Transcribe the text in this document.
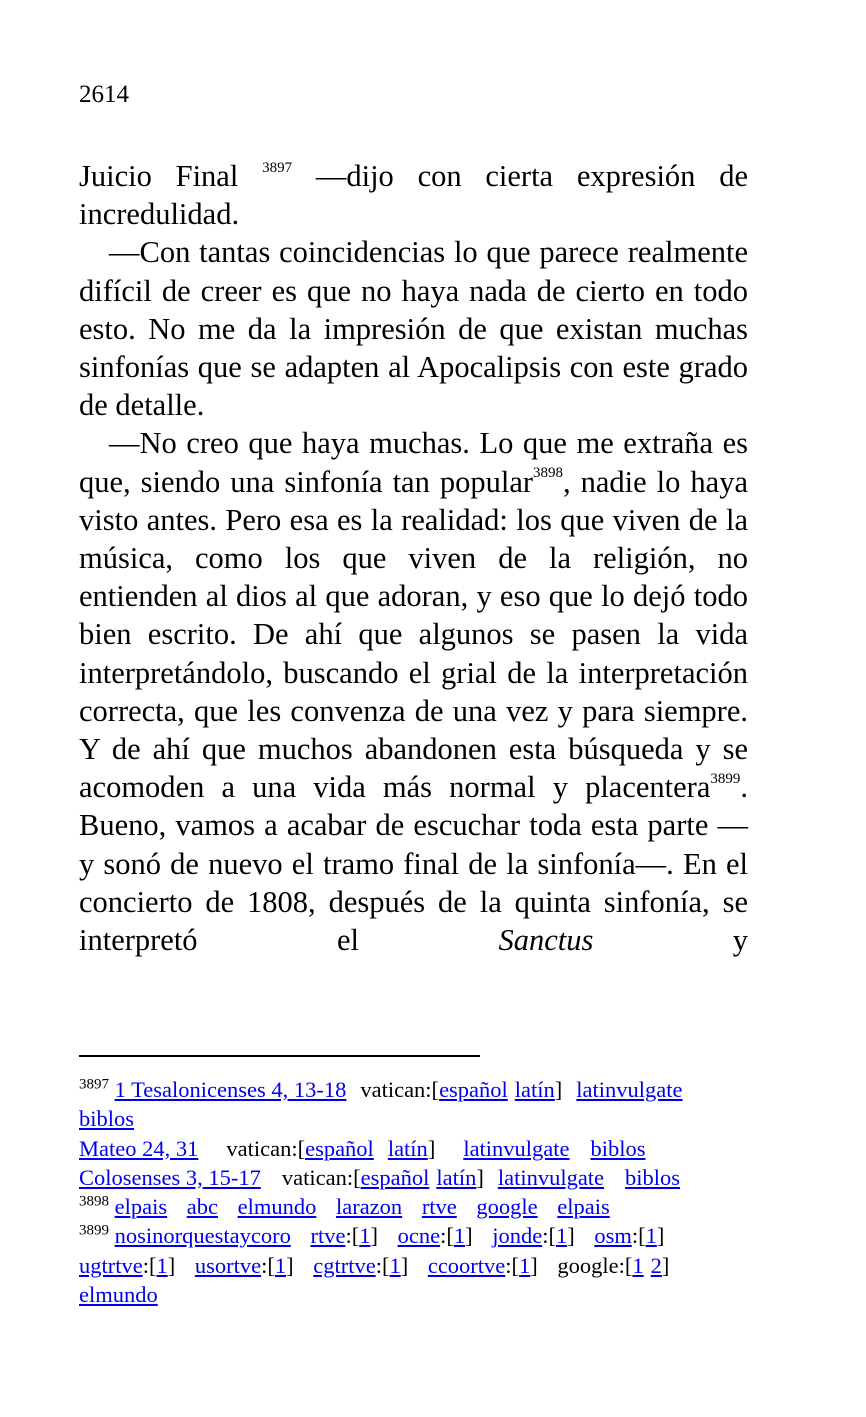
2614

Juicio Final $^{3897}$ —dijo con cierta expresión de incredulidad.

—Con tantas coincidencias lo que parece realmente difícil de creer es que no haya nada de cierto en todo esto. No me da la impresión de que existan muchas sinfonías que se adapten al Apocalipsis con este grado de detalle.

—No creo que haya muchas. Lo que me extraña es que, siendo una sinfonía tan popular$^{3898}$, nadie lo haya visto antes. Pero esa es la realidad: los que viven de la música, como los que viven de la religión, no entienden al dios al que adoran, y eso que lo dejó todo bien escrito. De ahí que algunos se pasen la vida interpretándolo, buscando el grial de la interpretación correcta, que les convenza de una vez y para siempre. Y de ahí que muchos abandonen esta búsqueda y se acomoden a una vida más normal y placentera$^{3899}$. Bueno, vamos a acabar de escuchar toda esta parte —y sonó de nuevo el tramo final de la sinfonía—. En el concierto de 1808, después de la quinta sinfonía, se interpretó el Sanctus y

$^{3897}$ 1 Tesalonicenses 4, 13-18 vatican:[español latín] latinvulgate
biblos
Mateo 24, 31 vatican:[español latín] latinvulgate biblos
Colosenses 3, 15-17 vatican:[español latín] latinvulgate biblos
$^{3898}$ elpais abc elmundo larazon rtve google elpais
$^{3899}$ nosinorquestaycoro rtve:[1] ocne:[1] jonde:[1] osm:[1]
ugtrtve:[1] usortve:[1] cgtrtve:[1] ccoortve:[1] google:[1 2]
elmundo
